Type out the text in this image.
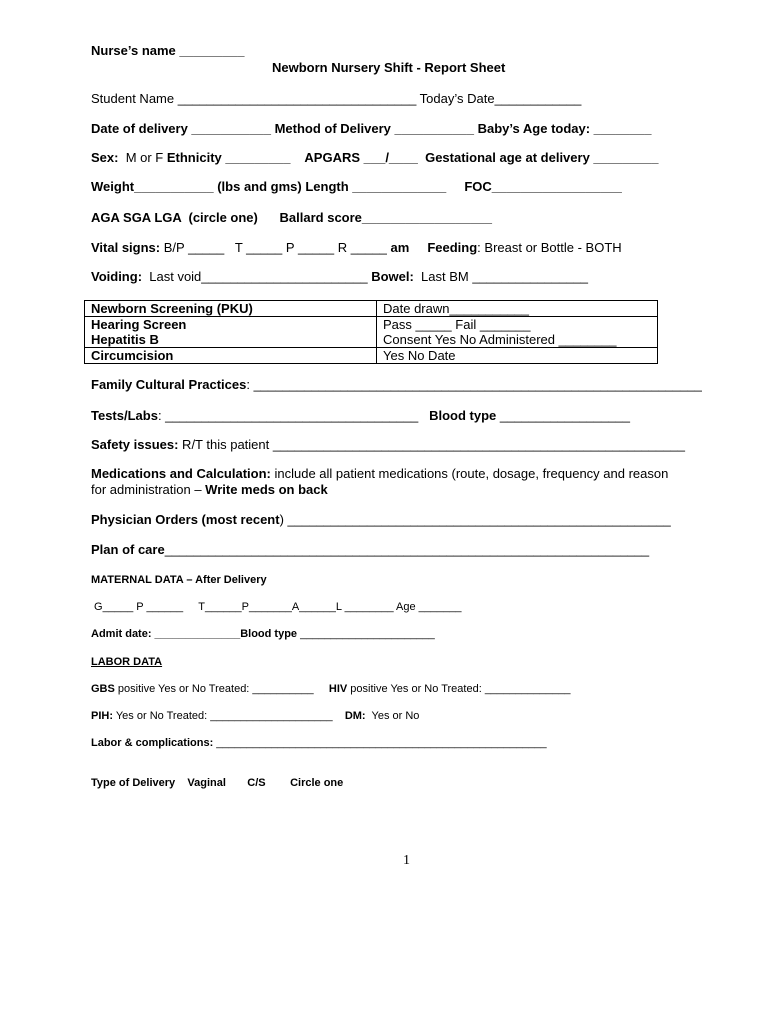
Nurse’s name _________
Newborn Nursery Shift - Report Sheet
Student Name _________________________________ Today’s Date____________
Date of delivery ___________ Method of Delivery ___________ Baby’s Age today: ________
Sex:  M or F Ethnicity _________    APGARS ___/____  Gestational age at delivery _________
Weight___________ (lbs and gms) Length _____________     FOC__________________
AGA SGA LGA  (circle one)      Ballard score__________________
Vital signs: B/P _____   T _____ P _____ R _____ am     Feeding: Breast or Bottle - BOTH
Voiding:  Last void_______________________ Bowel:  Last BM ________________
Newborn Screening (PKU)	Date drawn___________
Hearing Screen	Pass _____ Fail _______
Hepatitis B	Consent Yes No Administered ________
Circumcision	Yes No Date
Family Cultural Practices: ______________________________________________________________
Tests/Labs: ___________________________________   Blood type __________________
Safety issues: R/T this patient _________________________________________________________
Medications and Calculation: include all patient medications (route, dosage, frequency and reason
for administration – Write meds on back
Physician Orders (most recent) _____________________________________________________
Plan of care___________________________________________________________________
MATERNAL DATA – After Delivery
G_____ P ______     T______P_______A______L ________ Age _______
Admit date: ______________Blood type ______________________
LABOR DATA
GBS positive Yes or No Treated: __________     HIV positive Yes or No Treated: ______________
PIH: Yes or No Treated: ____________________    DM:  Yes or No
Labor & complications: ______________________________________________________
Type of Delivery    Vaginal       C/S        Circle one
1
